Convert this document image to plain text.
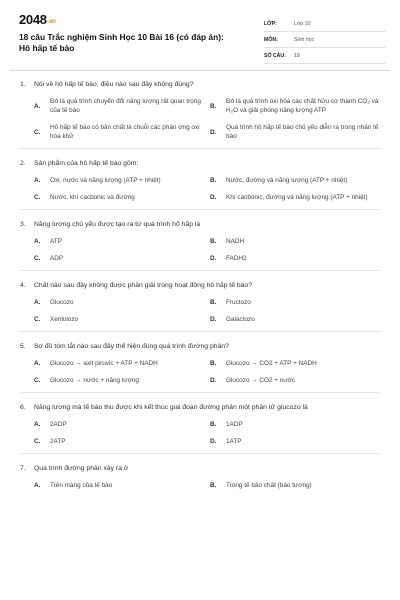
2048.vn
18 câu Trắc nghiệm Sinh Học 10 Bài 16 (có đáp án): Hô hấp tế bào
LỚP:	Lớp 10
MÔN:	Sinh học
SỐ CÂU:	18
1.	Nói về hô hấp tế bào, điều nào sau đây không đúng?
A.
Đó là quá trình chuyển đổi năng lượng rất quan trọng của tế bào
B.
Đó là quá trình oxi hóa các chất hữu cơ thành CO₂ và H₂O và giải phóng năng lượng ATP
C.
Hô hấp tế bào có bản chất là chuỗi các phản ứng oxi hóa khử
D.
Quá trình hô hấp tế bào chủ yếu diễn ra trong nhân tế bào
2.	Sản phẩm của hô hấp tế bào gồm:
A.	Oxi, nước và năng lượng (ATP + nhiệt)	B.	Nước, đường và năng lượng (ATP + nhiệt)
C.	Nước, khí cacbonic và đường	D.	Khí cacbonic, đường và năng lượng (ATP + nhiệt)
3.	Năng lượng chủ yếu được tạo ra từ quá trình hô hấp là
A.	ATP	B.	NADH
C.	ADP	D.	FADH2
4.	Chất nào sau đây không được phân giải trong hoạt động hô hấp tế bào?
A.	Glucozo	B.	Fructozo
C.	Xenlulozo	D.	Galactozo
5.	Sơ đồ tóm tắt nào sau đây thể hiện đúng quá trình đường phân?
A.	Glucozo → axit piruvic + ATP + NADH	B.	Glucozo → CO2 + ATP + NADH
C.	Glucozo → nước + năng lượng	D.	Glucozo → CO2 + nước
6.	Năng lượng mà tế bào thu được khi kết thúc giai đoạn đường phân một phân tử glucozo là
A.	2ADP	B.	1ADP
C.	2ATP	D.	1ATP
7.	Quá trình đường phân xảy ra ở
A.	Trên màng của tế bào	B.	Trong tế bào chất (bào tương)
